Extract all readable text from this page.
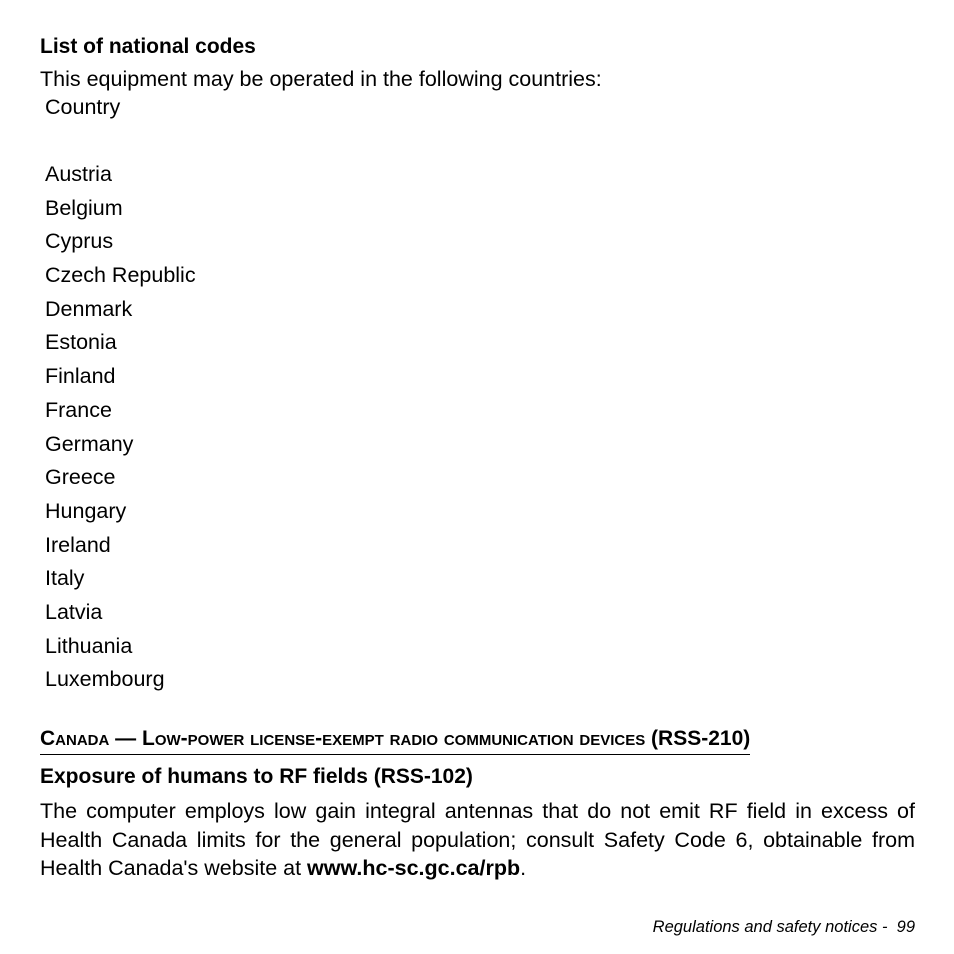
List of national codes
This equipment may be operated in the following countries:
Country
Austria
Belgium
Cyprus
Czech Republic
Denmark
Estonia
Finland
France
Germany
Greece
Hungary
Ireland
Italy
Latvia
Lithuania
Luxembourg
Canada — Low-power license-exempt radio communication devices (RSS-210)
Exposure of humans to RF fields (RSS-102)
The computer employs low gain integral antennas that do not emit RF field in excess of Health Canada limits for the general population; consult Safety Code 6, obtainable from Health Canada's website at www.hc-sc.gc.ca/rpb.
Regulations and safety notices - 99
